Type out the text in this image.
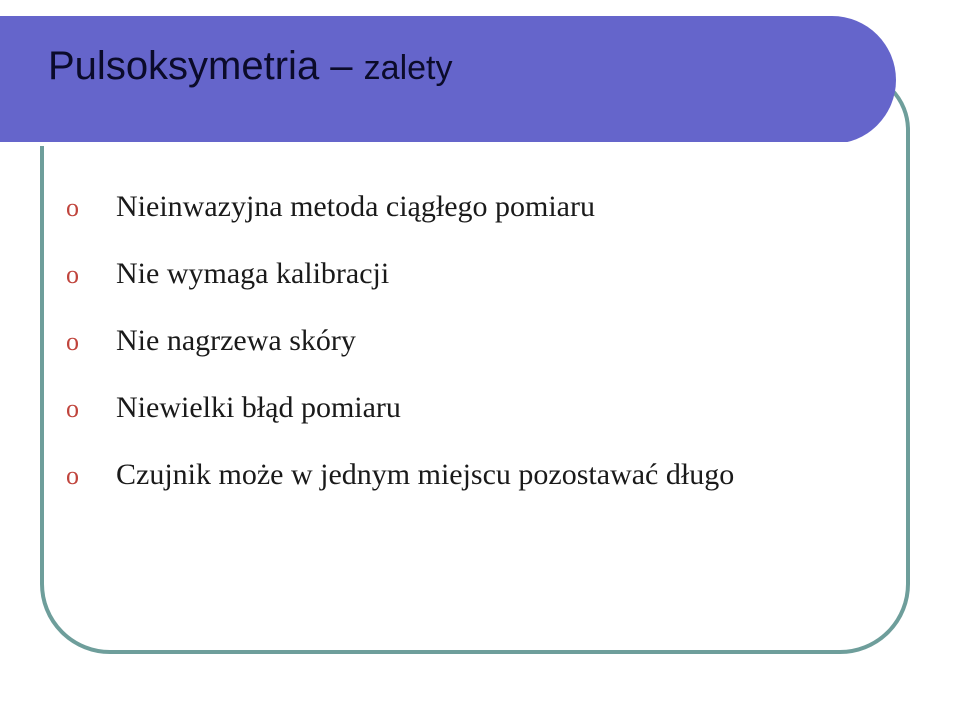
Pulsoksymetria – zalety
o	Nieinwazyjna metoda ciągłego pomiaru
o	Nie wymaga kalibracji
o	Nie nagrzewa skóry
o	Niewielki błąd pomiaru
o	Czujnik może w jednym miejscu pozostawać długo
